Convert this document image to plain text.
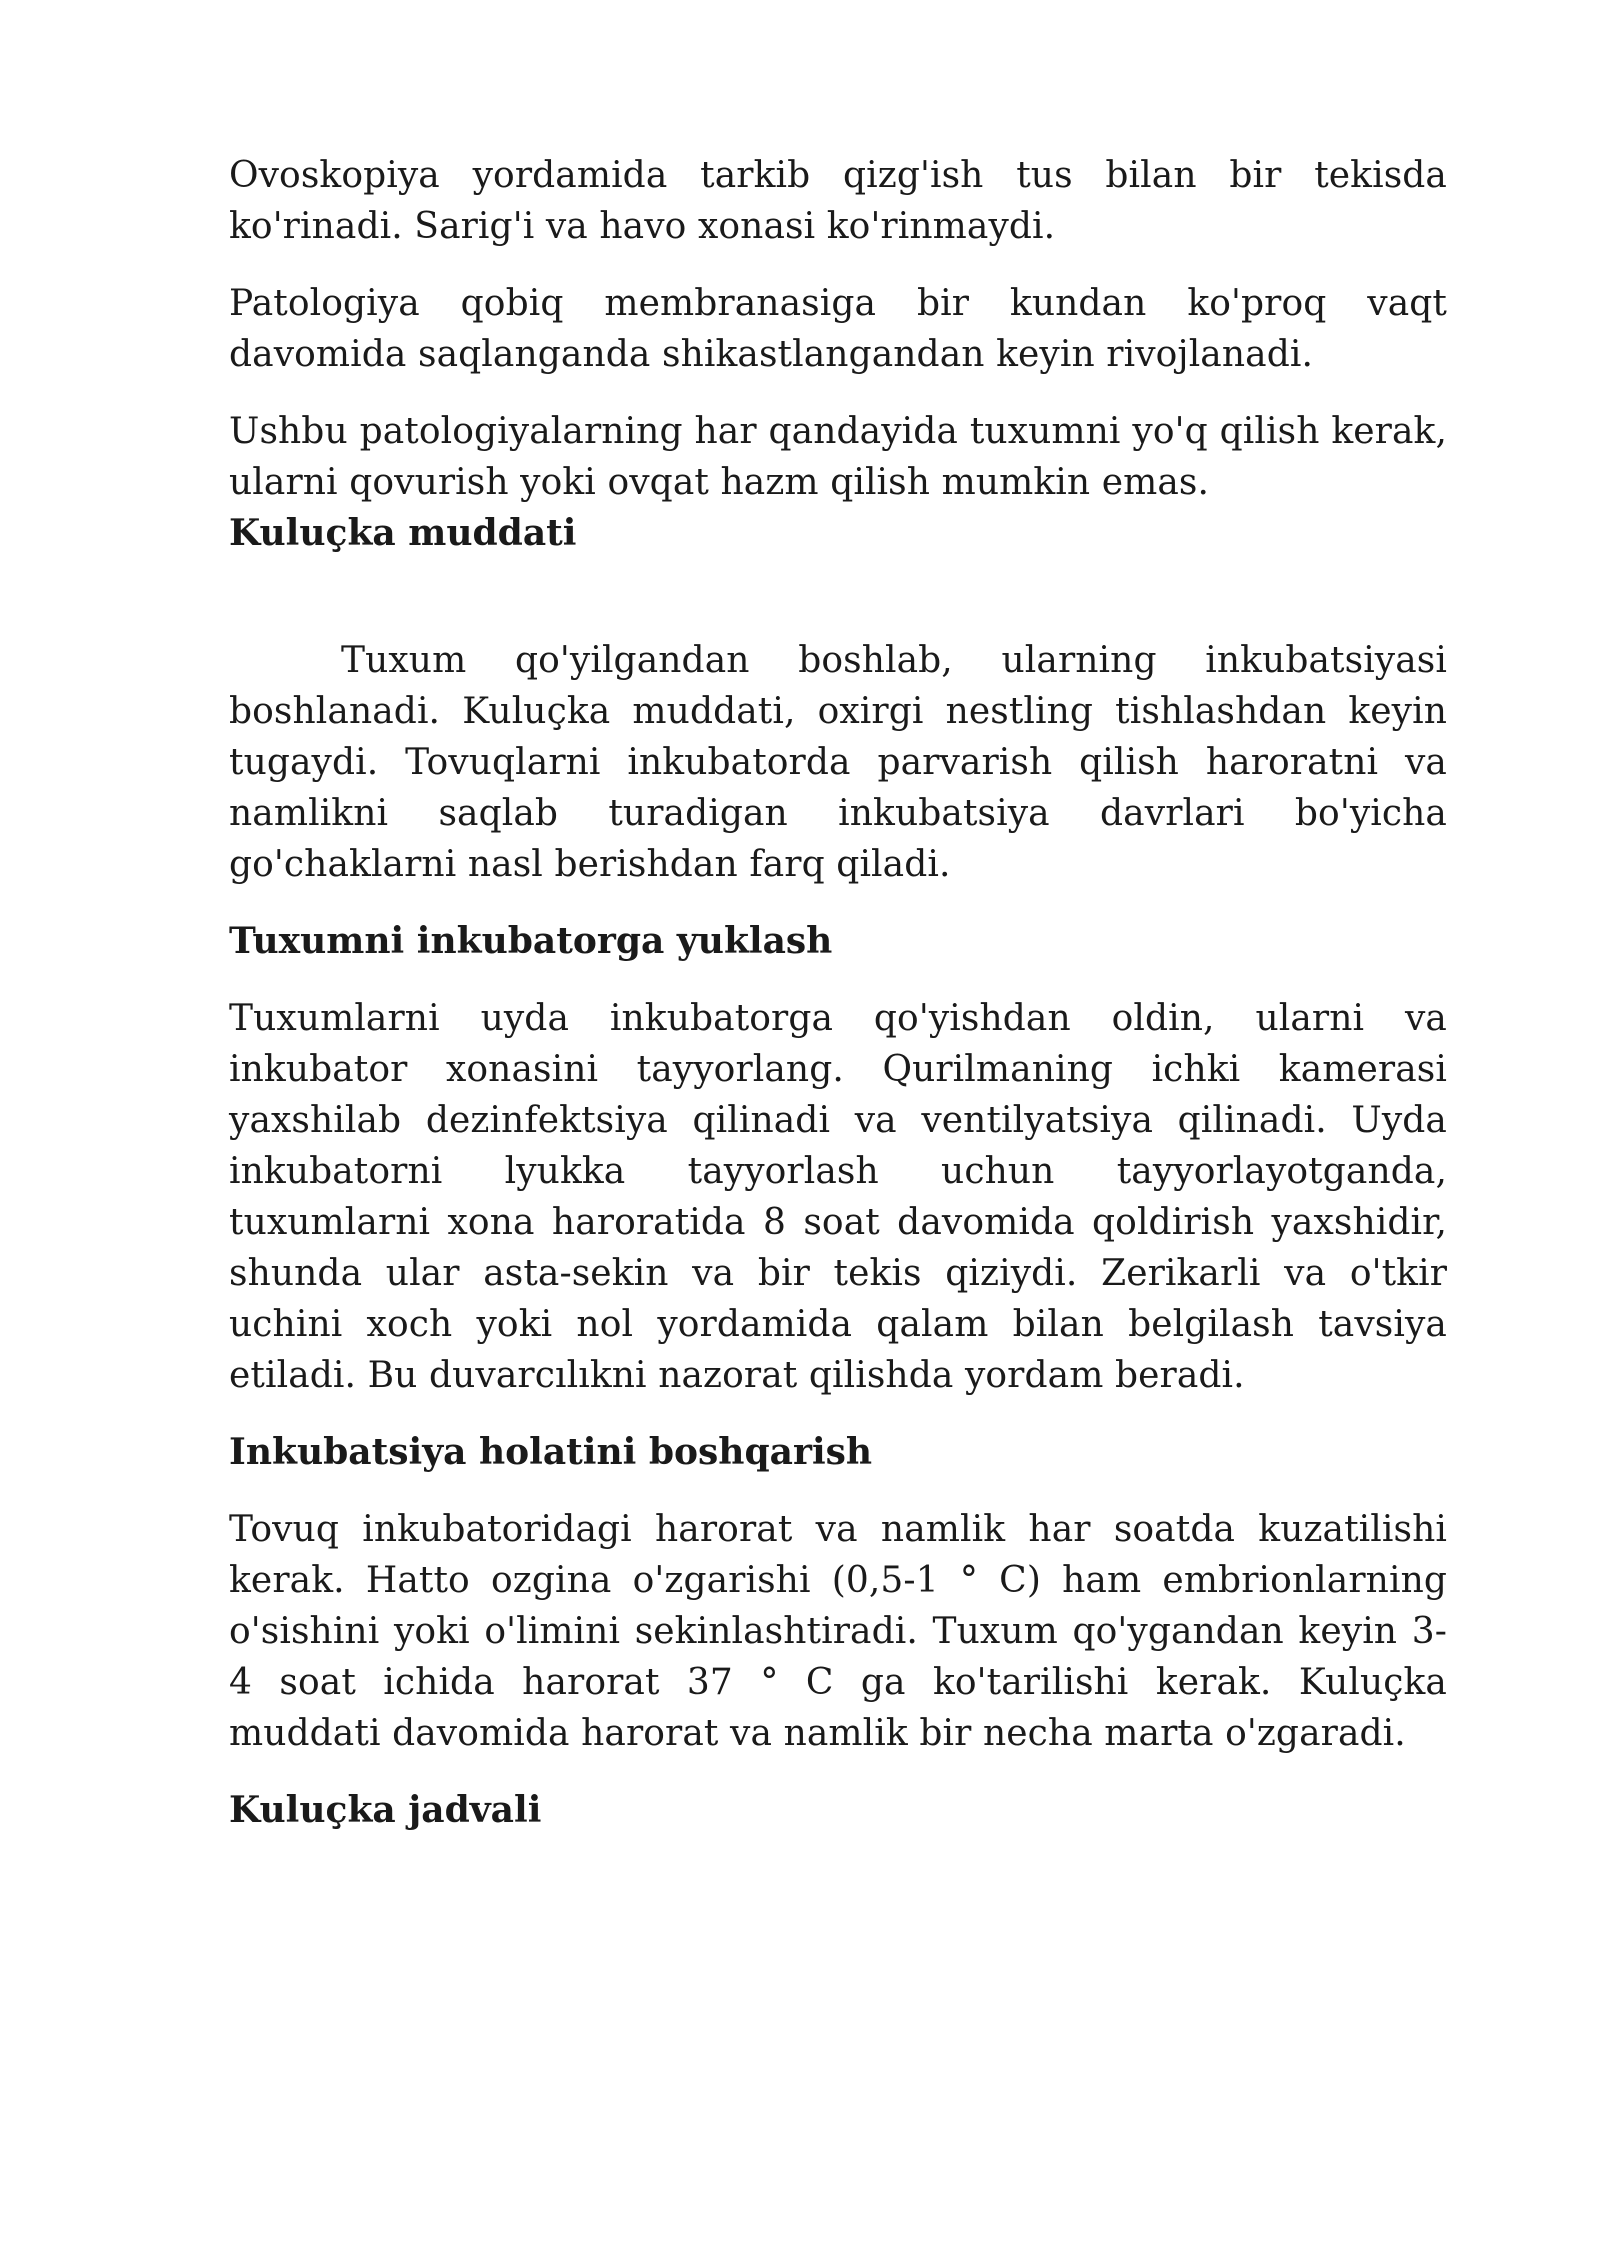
Ovoskopiya yordamida tarkib qizg'ish tus bilan bir tekisda ko'rinadi. Sarig'i va havo xonasi ko'rinmaydi.

Patologiya qobiq membranasiga bir kundan ko'proq vaqt davomida saqlanganda shikastlangandan keyin rivojlanadi.

Ushbu patologiyalarning har qandayida tuxumni yo'q qilish kerak, ularni qovurish yoki ovqat hazm qilish mumkin emas.

Kuluçka muddati

Tuxum qo'yilgandan boshlab, ularning inkubatsiyasi boshlanadi. Kuluçka muddati, oxirgi nestling tishlashdan keyin tugaydi. Tovuqlarni inkubatorda parvarish qilish haroratni va namlikni saqlab turadigan inkubatsiya davrlari bo'yicha go'chaklarni nasl berishdan farq qiladi.

Tuxumni inkubatorga yuklash

Tuxumlarni uyda inkubatorga qo'yishdan oldin, ularni va inkubator xonasini tayyorlang. Qurilmaning ichki kamerasi yaxshilab dezinfektsiya qilinadi va ventilyatsiya qilinadi. Uyda inkubatorni lyukka tayyorlash uchun tayyorlayotganda, tuxumlarni xona haroratida 8 soat davomida qoldirish yaxshidir, shunda ular asta-sekin va bir tekis qiziydi. Zerikarli va o'tkir uchini xoch yoki nol yordamida qalam bilan belgilash tavsiya etiladi. Bu duvarcılıkni nazorat qilishda yordam beradi.

Inkubatsiya holatini boshqarish

Tovuq inkubatoridagi harorat va namlik har soatda kuzatilishi kerak. Hatto ozgina o'zgarishi (0,5-1 ° C) ham embrionlarning o'sishini yoki o'limini sekinlashtiradi. Tuxum qo'ygandan keyin 3-4 soat ichida harorat 37 ° C ga ko'tarilishi kerak. Kuluçka muddati davomida harorat va namlik bir necha marta o'zgaradi.

Kuluçka jadvali
